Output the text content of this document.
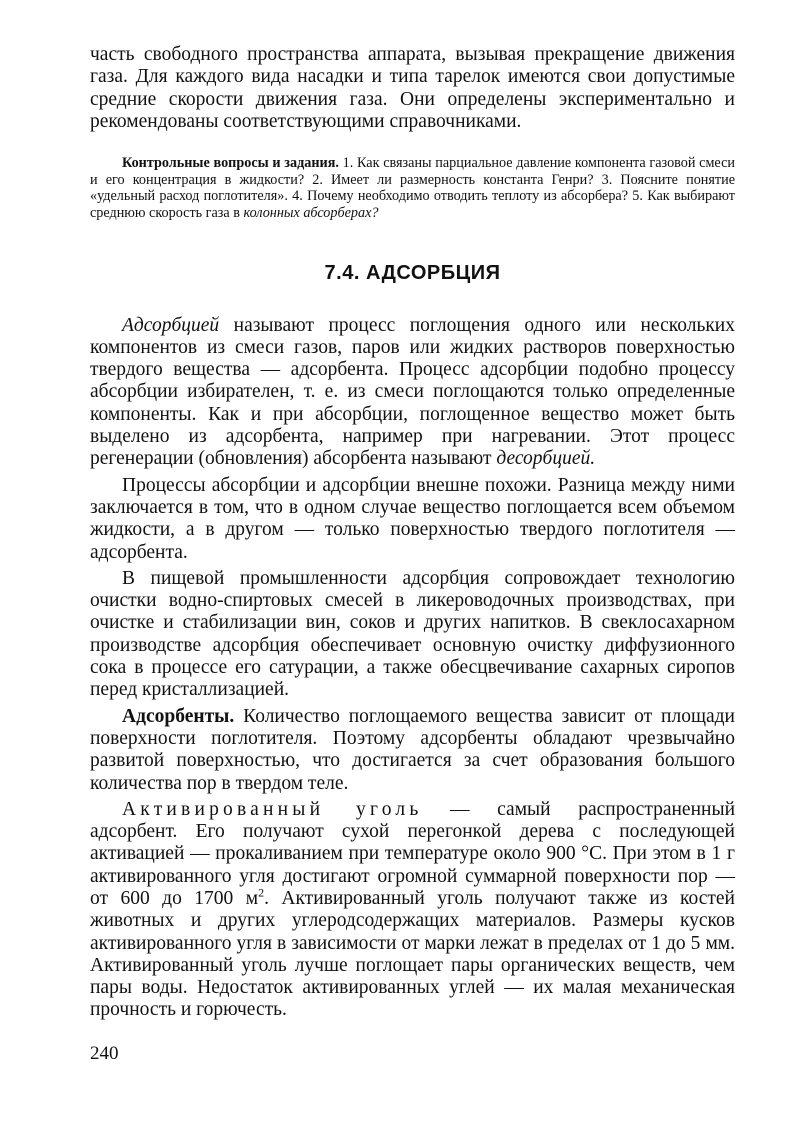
часть свободного пространства аппарата, вызывая прекращение движения газа. Для каждого вида насадки и типа тарелок имеются свои допустимые средние скорости движения газа. Они определены экспериментально и рекомендованы соответствующими справочниками.

Контрольные вопросы и задания. 1. Как связаны парциальное давление компонента газовой смеси и его концентрация в жидкости? 2. Имеет ли размерность константа Генри? 3. Поясните понятие «удельный расход поглотителя». 4. Почему необходимо отводить теплоту из абсорбера? 5. Как выбирают среднюю скорость газа в колонных абсорберах?

7.4. АДСОРБЦИЯ

Адсорбцией называют процесс поглощения одного или нескольких компонентов из смеси газов, паров или жидких растворов поверхностью твердого вещества — адсорбента. Процесс адсорбции подобно процессу абсорбции избирателен, т. е. из смеси поглощаются только определенные компоненты. Как и при абсорбции, поглощенное вещество может быть выделено из адсорбента, например при нагревании. Этот процесс регенерации (обновления) абсорбента называют десорбцией.

Процессы абсорбции и адсорбции внешне похожи. Разница между ними заключается в том, что в одном случае вещество поглощается всем объемом жидкости, а в другом — только поверхностью твердого поглотителя — адсорбента.

В пищевой промышленности адсорбция сопровождает технологию очистки водно-спиртовых смесей в ликероводочных производствах, при очистке и стабилизации вин, соков и других напитков. В свеклосахарном производстве адсорбция обеспечивает основную очистку диффузионного сока в процессе его сатурации, а также обесцвечивание сахарных сиропов перед кристаллизацией.

Адсорбенты. Количество поглощаемого вещества зависит от площади поверхности поглотителя. Поэтому адсорбенты обладают чрезвычайно развитой поверхностью, что достигается за счет образования большого количества пор в твердом теле.

Активированный уголь — самый распространенный адсорбент. Его получают сухой перегонкой дерева с последующей активацией — прокаливанием при температуре около 900 °С. При этом в 1 г активированного угля достигают огромной суммарной поверхности пор — от 600 до 1700 $м^2$. Активированный уголь получают также из костей животных и других углеродсодержащих материалов. Размеры кусков активированного угля в зависимости от марки лежат в пределах от 1 до 5 мм. Активированный уголь лучше поглощает пары органических веществ, чем пары воды. Недостаток активированных углей — их малая механическая прочность и горючесть.

240
